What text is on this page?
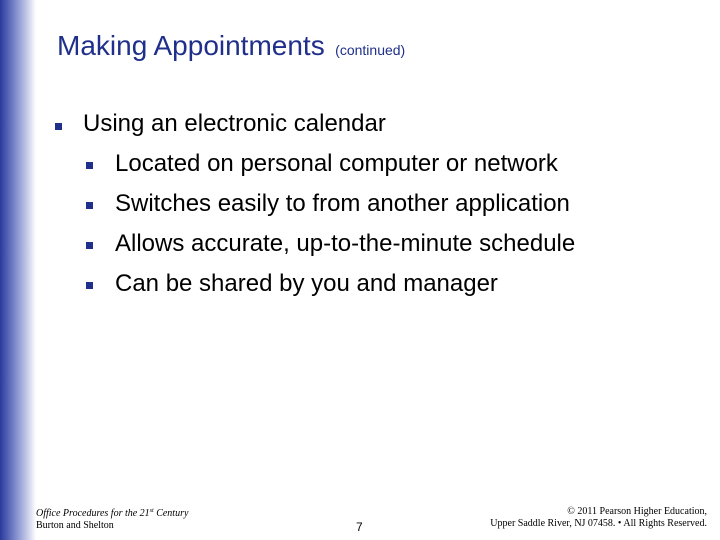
Making Appointments (continued)
Using an electronic calendar
Located on personal computer or network
Switches easily to from another application
Allows accurate, up-to-the-minute schedule
Can be shared by you and manager
Office Procedures for the 21st Century
Burton and Shelton	7
© 2011 Pearson Higher Education,
Upper Saddle River, NJ 07458. • All Rights Reserved.
